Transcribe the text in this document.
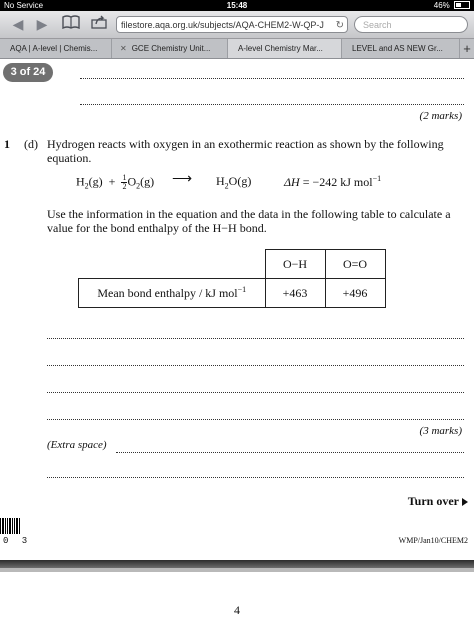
No Service	15:48	46%
◀ ▶	filestore.aqa.org.uk/subjects/AQA-CHEM2-W-QP-J ↻	Search
AQA | A-level | Chemis...	✕ GCE Chemistry Unit...	A-level Chemistry Mar...	LEVEL and AS NEW Gr...	+
3 of 24
(2 marks)
1 (d) Hydrogen reacts with oxygen in an exothermic reaction as shown by the following equation.
$H_2(g) + \frac{1}{2}O_2(g)$ ⟶ $H_2O(g)$	ΔH = −242 kJ mol$^{-1}$
Use the information in the equation and the data in the following table to calculate a value for the bond enthalpy of the H−H bond.
	O−H	O=O
Mean bond enthalpy / kJ mol$^{-1}$	+463	+496
(3 marks)
(Extra space)
Turn over
0 3	WMP/Jan10/CHEM2
4
